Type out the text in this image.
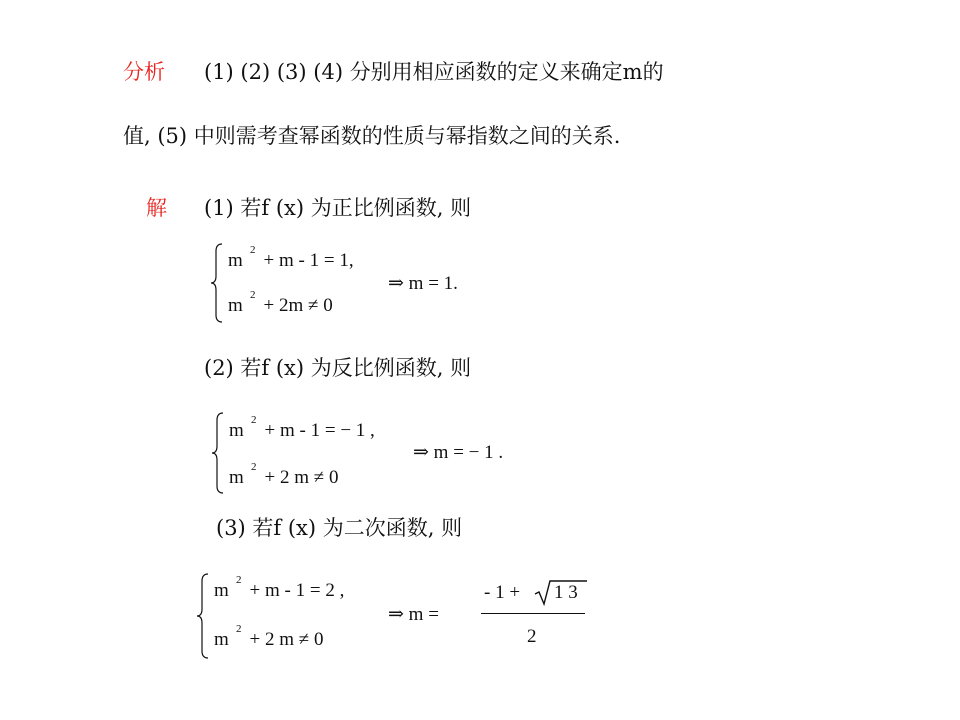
分析 (1) (2) (3) (4) 分别用相应函数的定义来确定m的
值, (5) 中则需考查幂函数的性质与幂指数之间的关系.
解 (1) 若f (x) 为正比例函数, 则
m 2 + m - 1 = 1,
m 2 + 2m ≠ 0
⇒ m = 1.
(2) 若f (x) 为反比例函数, 则
m 2 + m - 1 = − 1 ,
m 2 + 2 m ≠ 0
⇒ m = − 1 .
(3) 若f (x) 为二次函数, 则
m 2 + m - 1 = 2 ,
m 2 + 2 m ≠ 0
⇒ m =
- 1 + 1 3
2
